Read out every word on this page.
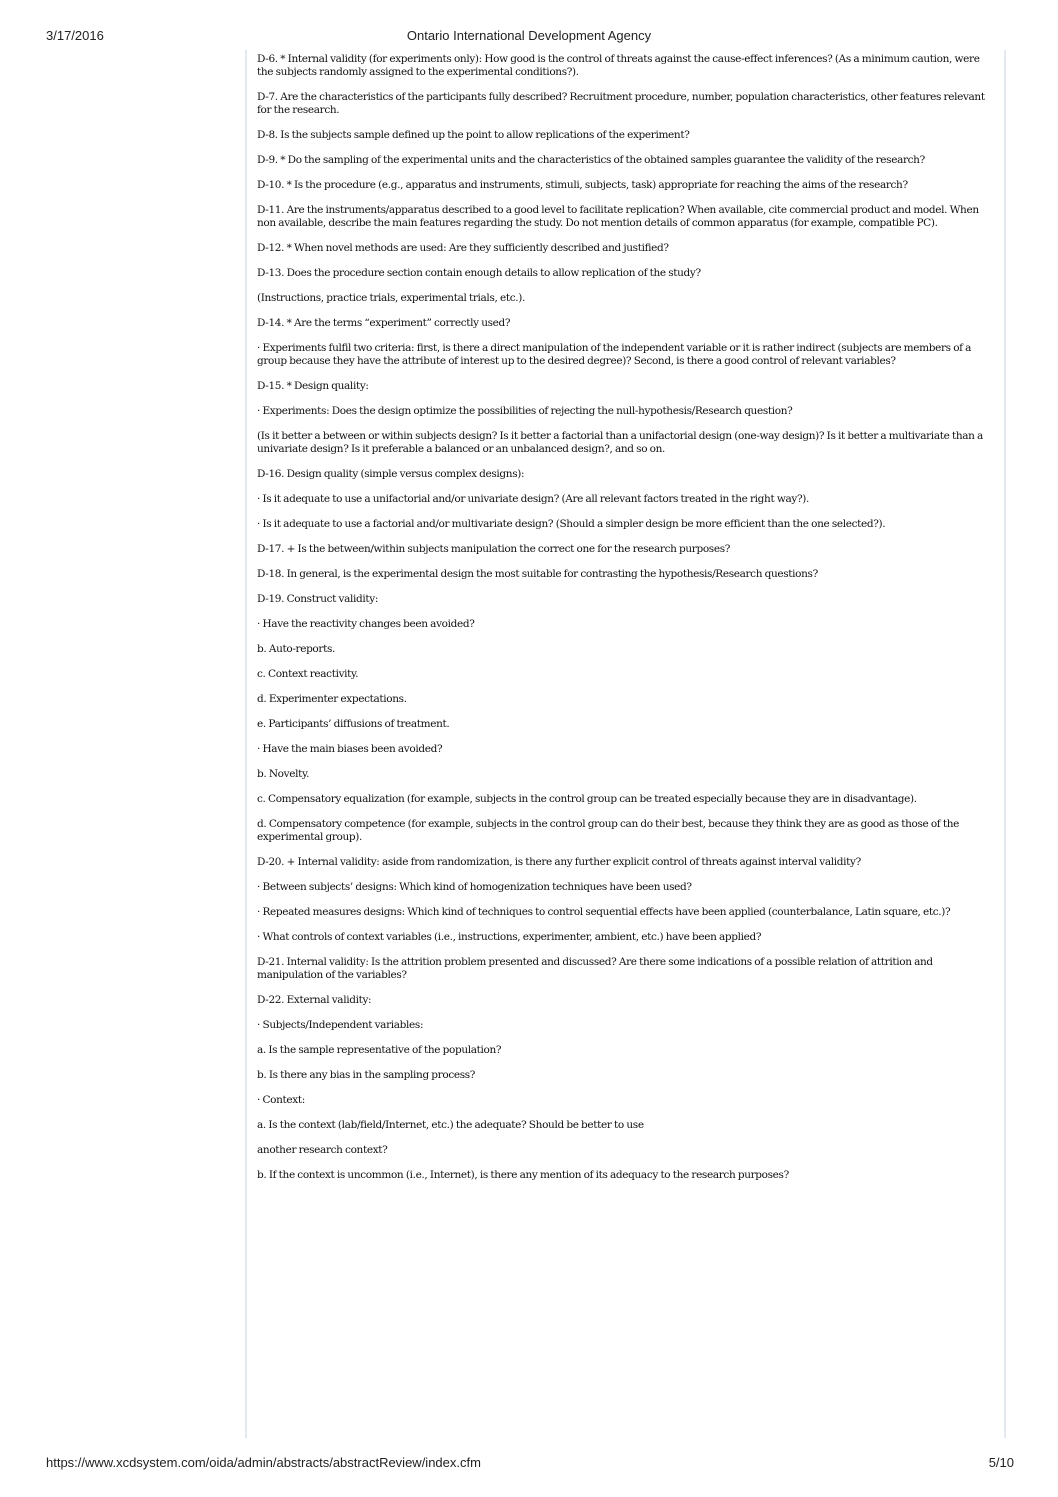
3/17/2016	Ontario International Development Agency

D-6. * Internal validity (for experiments only): How good is the control of threats against the cause-effect inferences? (As a minimum caution, were the subjects randomly assigned to the experimental conditions?).

D-7. Are the characteristics of the participants fully described? Recruitment procedure, number, population characteristics, other features relevant for the research.

D-8. Is the subjects sample defined up the point to allow replications of the experiment?

D-9. * Do the sampling of the experimental units and the characteristics of the obtained samples guarantee the validity of the research?

D-10. * Is the procedure (e.g., apparatus and instruments, stimuli, subjects, task) appropriate for reaching the aims of the research?

D-11. Are the instruments/apparatus described to a good level to facilitate replication? When available, cite commercial product and model. When non available, describe the main features regarding the study. Do not mention details of common apparatus (for example, compatible PC).

D-12. * When novel methods are used: Are they sufficiently described and justified?

D-13. Does the procedure section contain enough details to allow replication of the study?

(Instructions, practice trials, experimental trials, etc.).

D-14. * Are the terms “experiment” correctly used?

· Experiments fulfil two criteria: first, is there a direct manipulation of the independent variable or it is rather indirect (subjects are members of a group because they have the attribute of interest up to the desired degree)? Second, is there a good control of relevant variables?

D-15. * Design quality:

· Experiments: Does the design optimize the possibilities of rejecting the null-hypothesis/Research question?

(Is it better a between or within subjects design? Is it better a factorial than a unifactorial design (one-way design)? Is it better a multivariate than a univariate design? Is it preferable a balanced or an unbalanced design?, and so on.

D-16. Design quality (simple versus complex designs):

· Is it adequate to use a unifactorial and/or univariate design? (Are all relevant factors treated in the right way?).

· Is it adequate to use a factorial and/or multivariate design? (Should a simpler design be more efficient than the one selected?).

D-17. + Is the between/within subjects manipulation the correct one for the research purposes?

D-18. In general, is the experimental design the most suitable for contrasting the hypothesis/Research questions?

D-19. Construct validity:

· Have the reactivity changes been avoided?

b. Auto-reports.

c. Context reactivity.

d. Experimenter expectations.

e. Participants’ diffusions of treatment.

· Have the main biases been avoided?

b. Novelty.

c. Compensatory equalization (for example, subjects in the control group can be treated especially because they are in disadvantage).

d. Compensatory competence (for example, subjects in the control group can do their best, because they think they are as good as those of the experimental group).

D-20. + Internal validity: aside from randomization, is there any further explicit control of threats against interval validity?

· Between subjects’ designs: Which kind of homogenization techniques have been used?

· Repeated measures designs: Which kind of techniques to control sequential effects have been applied (counterbalance, Latin square, etc.)?

· What controls of context variables (i.e., instructions, experimenter, ambient, etc.) have been applied?

D-21. Internal validity: Is the attrition problem presented and discussed? Are there some indications of a possible relation of attrition and manipulation of the variables?

D-22. External validity:

· Subjects/Independent variables:

a. Is the sample representative of the population?

b. Is there any bias in the sampling process?

· Context:

a. Is the context (lab/field/Internet, etc.) the adequate? Should be better to use

another research context?

b. If the context is uncommon (i.e., Internet), is there any mention of its adequacy to the research purposes?

https://www.xcdsystem.com/oida/admin/abstracts/abstractReview/index.cfm	5/10
